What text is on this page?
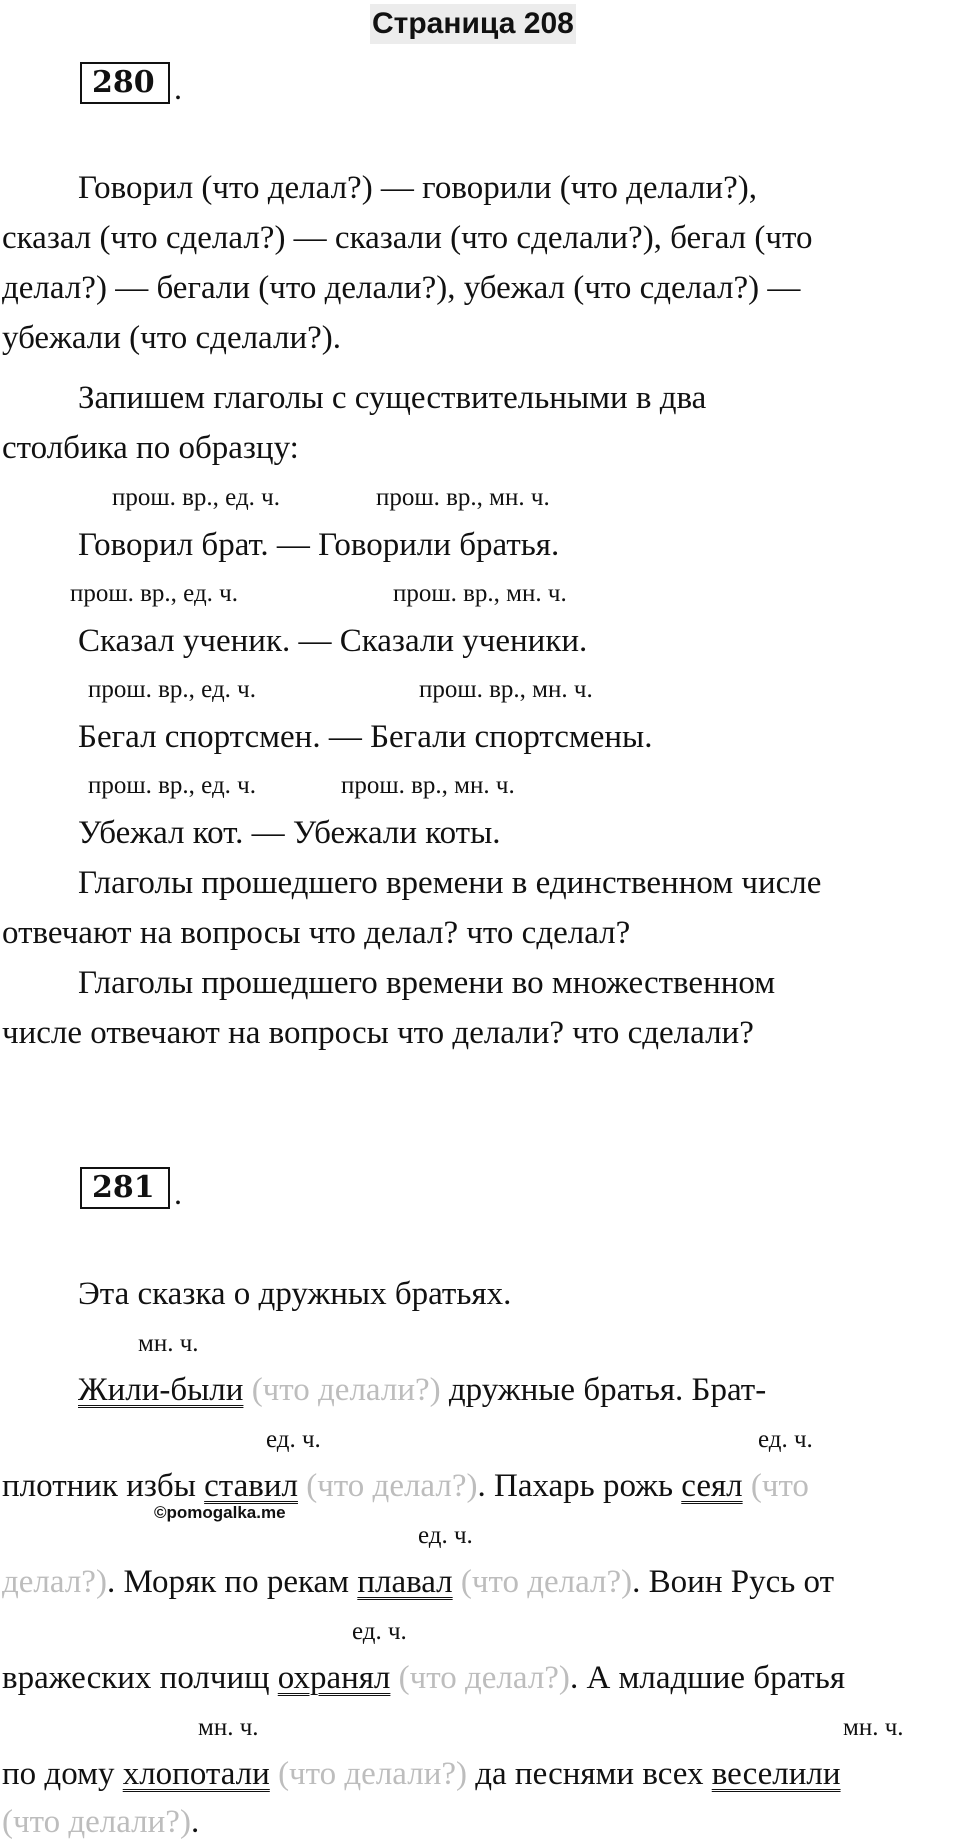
Страница 208
280 .
Говорил (что делал?) — говорили (что делали?),
сказал (что сделал?) — сказали (что сделали?), бегал (что
делал?) — бегали (что делали?), убежал (что сделал?) —
убежали (что сделали?).
Запишем глаголы с существительными в два
столбика по образцу:
прош. вр., ед. ч.	прош. вр., мн. ч.
Говорил брат. — Говорили братья.
прош. вр., ед. ч.	прош. вр., мн. ч.
Сказал ученик. — Сказали ученики.
прош. вр., ед. ч.	прош. вр., мн. ч.
Бегал спортсмен. — Бегали спортсмены.
прош. вр., ед. ч.	прош. вр., мн. ч.
Убежал кот. — Убежали коты.
Глаголы прошедшего времени в единственном числе
отвечают на вопросы что делал? что сделал?
Глаголы прошедшего времени во множественном
числе отвечают на вопросы что делали? что сделали?
281 .
Эта сказка о дружных братьях.
мн. ч.
Жили-были (что делали?) дружные братья. Брат-
ед. ч.	ед. ч.
плотник избы ставил (что делал?). Пахарь рожь сеял (что
©pomogalka.me
ед. ч.
делал?). Моряк по рекам плавал (что делал?). Воин Русь от
ед. ч.
вражеских полчищ охранял (что делал?). А младшие братья
мн. ч.	мн. ч.
по дому хлопотали (что делали?) да песнями всех веселили
(что делали?).
